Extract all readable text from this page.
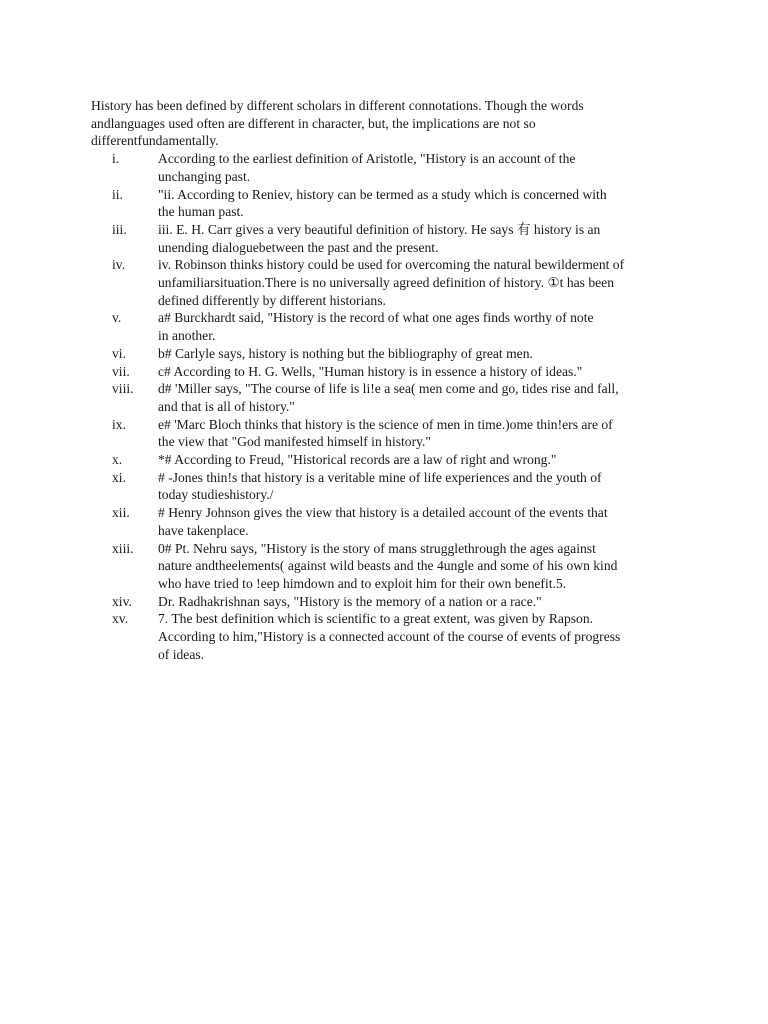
History has been defined by different scholars in different connotations. Though the words
andlanguages used often are different in character, but, the implications are not so
differentfundamentally.

i.	According to the earliest definition of Aristotle, "History is an account of the
unchanging past.
ii.	"ii. According to Reniev, history can be termed as a study which is concerned with
the human past.
iii. iii. E. H. Carr gives a very beautiful definition of history. He says 有 history is an
unending dialoguebetween the past and the present.
iv. iv. Robinson thinks history could be used for overcoming the natural bewilderment of
unfamiliarsituation.There is no universally agreed definition of history. ①t has been
defined differently by different historians.
v.	a# Burckhardt said, "History is the record of what one ages finds worthy of note
in another.
vi. b# Carlyle says, history is nothing but the bibliography of great men.
vii. c# According to H. G. Wells, "Human history is in essence a history of ideas."
viii. d# 'Miller says, "The course of life is li!e a sea( men come and go, tides rise and fall,
and that is all of history."
ix. e# 'Marc Bloch thinks that history is the science of men in time.)ome thin!ers are of
the view that "God manifested himself in history."
x.	*# According to Freud, "Historical records are a law of right and wrong."
xi. # -Jones thin!s that history is a veritable mine of life experiences and the youth of
today studieshistory./
xii. # Henry Johnson gives the view that history is a detailed account of the events that
have takenplace.
xiii. 0# Pt. Nehru says, "History is the story of mans strugglethrough the ages against
nature andtheelements( against wild beasts and the 4ungle and some of his own kind
who have tried to !eep himdown and to exploit him for their own benefit.5.
xiv. Dr. Radhakrishnan says, "History is the memory of a nation or a race."
xv. 7. The best definition which is scientific to a great extent, was given by Rapson.
According to him,"History is a connected account of the course of events of progress
of ideas.
